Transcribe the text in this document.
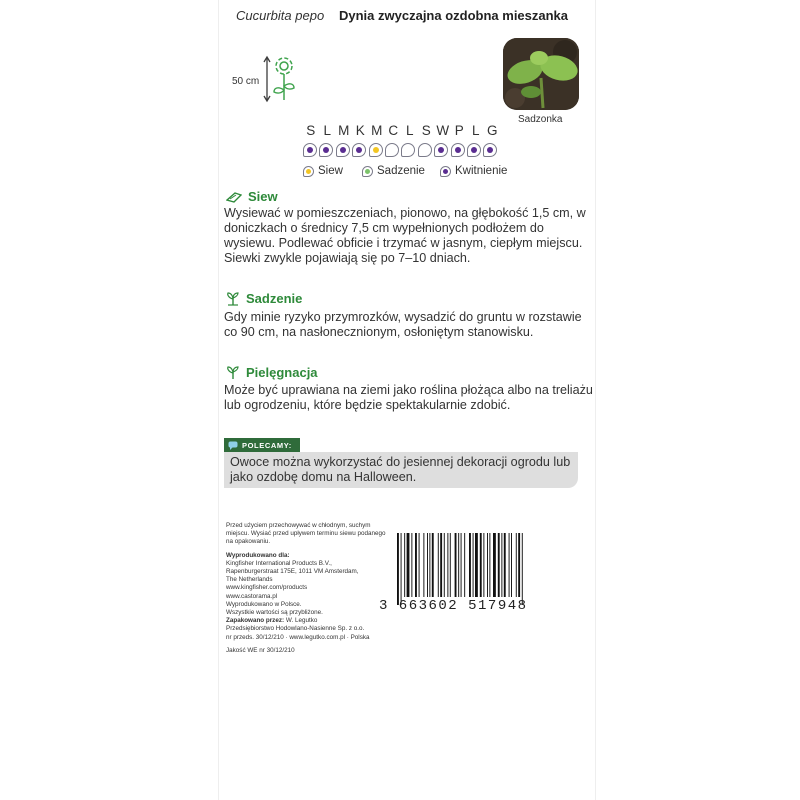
Cucurbita pepo Dynia zwyczajna ozdobna mieszanka
50 cm
Sadzonka
S L M K M C L S W P L G
Siew	Sadzenie	Kwitnienie
Siew
Wysiewać w pomieszczeniach, pionowo, na głębokość 1,5 cm, w doniczkach o średnicy 7,5 cm wypełnionych podłożem do wysiewu. Podlewać obficie i trzymać w jasnym, ciepłym miejscu. Siewki zwykle pojawiają się po 7–10 dniach.
Sadzenie
Gdy minie ryzyko przymrozków, wysadzić do gruntu w rozstawie co 90 cm, na nasłonecznionym, osłoniętym stanowisku.
Pielęgnacja
Może być uprawiana na ziemi jako roślina płożąca albo na treliażu lub ogrodzeniu, które będzie spektakularnie zdobić.
POLECAMY:
Owoce można wykorzystać do jesiennej dekoracji ogrodu lub jako ozdobę domu na Halloween.

Przed użyciem przechowywać w chłodnym, suchym miejscu. Wysiać przed upływem terminu siewu podanego na opakowaniu.

Wyprodukowano dla:

Kingfisher International Products B.V.,

Rapenburgerstraat 175E, 1011 VM Amsterdam,

The Netherlands

www.kingfisher.com/products

www.castorama.pl

Wyprodukowano w Polsce.

Wszystkie wartości są przybliżone.

Zapakowano przez: W. Legutko

Przedsiębiorstwo Hodowlano-Nasienne Sp. z o.o.

nr przeds. 30/12/210 · www.legutko.com.pl · Polska

Jakość WE nr 30/12/210

3 663602 517948
